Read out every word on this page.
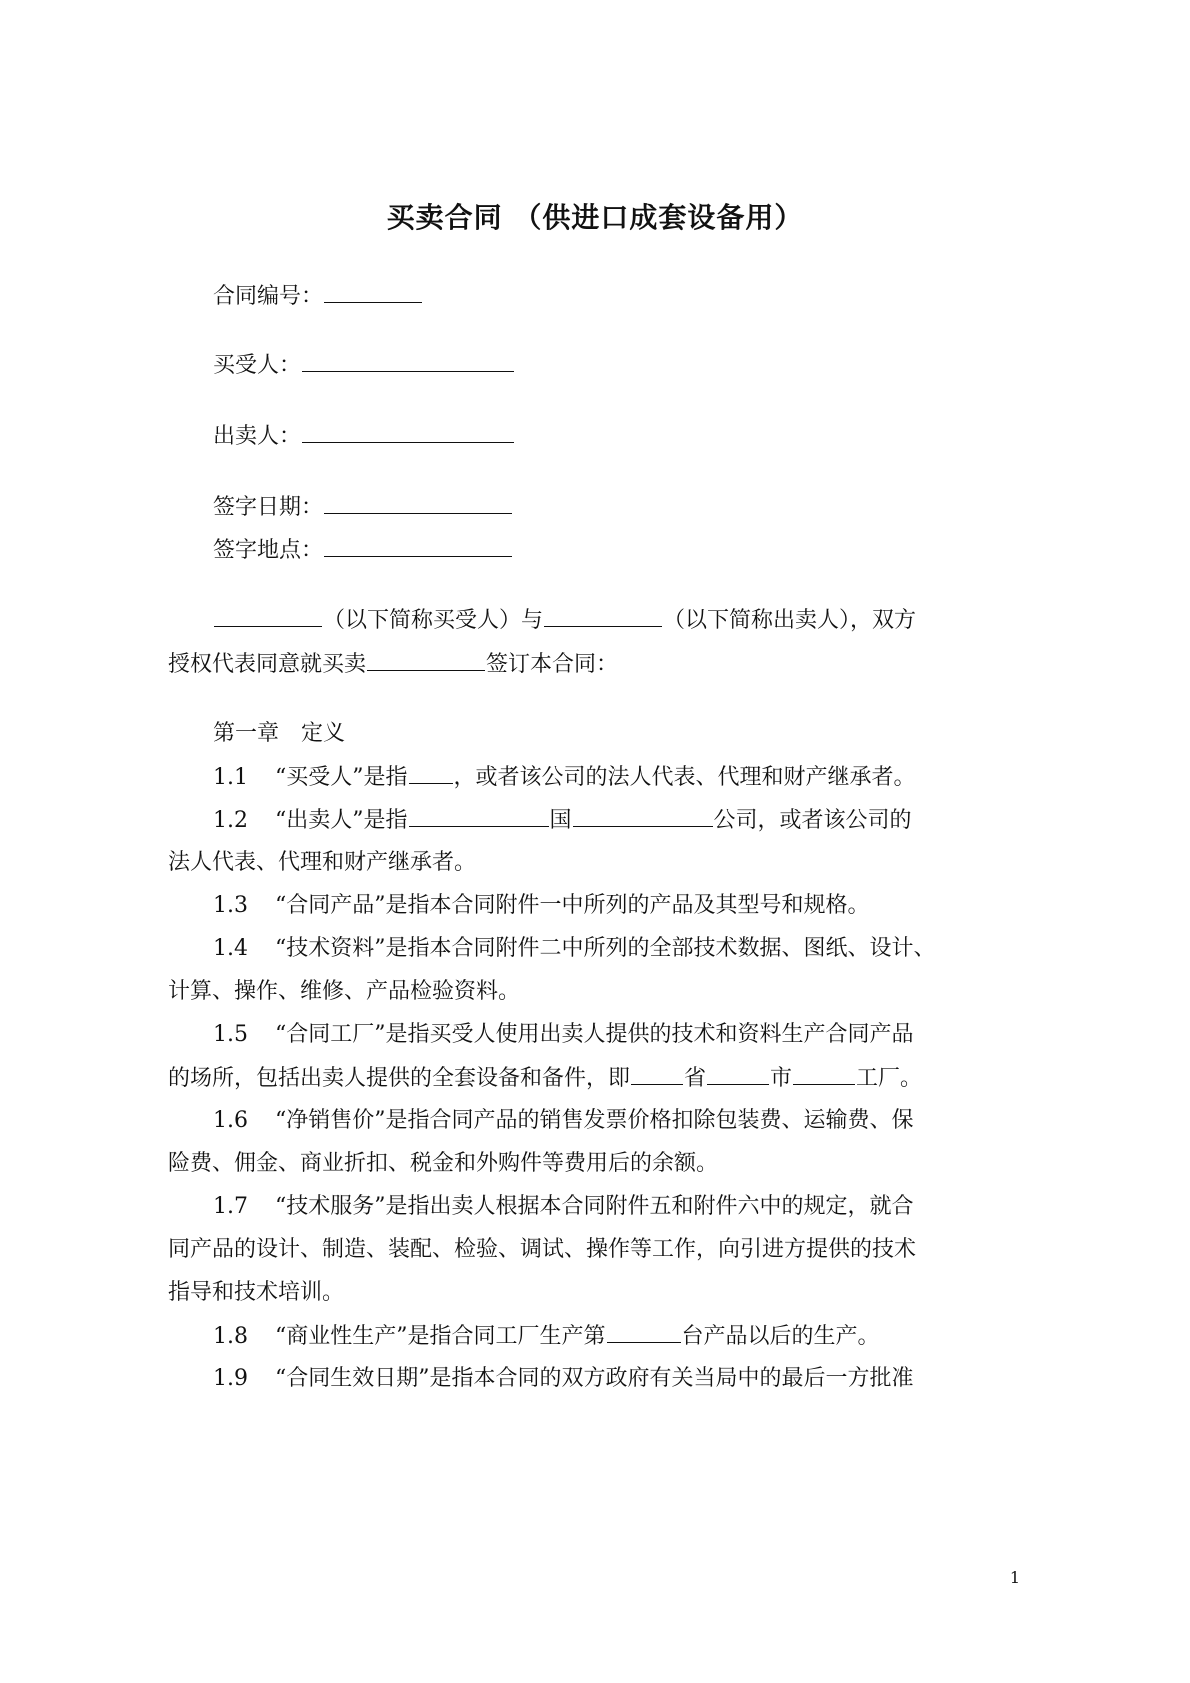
买卖合同 （供进口成套设备用）
合同编号：
买受人：
出卖人：
签字日期：
签字地点：
（以下简称买受人）与	（以下简称出卖人），双方
授权代表同意就买卖	签订本合同：
第一章　定义
1.1 “买受人”是指 ，或者该公司的法人代表、代理和财产继承者。
1.2 “出卖人”是指	国	公司，或者该公司的
法人代表、代理和财产继承者。
1.3 “合同产品”是指本合同附件一中所列的产品及其型号和规格。
1.4 “技术资料”是指本合同附件二中所列的全部技术数据、图纸、设计、
计算、操作、维修、产品检验资料。
1.5 “合同工厂”是指买受人使用出卖人提供的技术和资料生产合同产品
的场所，包括出卖人提供的全套设备和备件，即 省	市	工厂。
1.6 “净销售价”是指合同产品的销售发票价格扣除包装费、运输费、保
险费、佣金、商业折扣、税金和外购件等费用后的余额。
1.7 “技术服务”是指出卖人根据本合同附件五和附件六中的规定，就合
同产品的设计、制造、装配、检验、调试、操作等工作，向引进方提供的技术
指导和技术培训。
1.8 “商业性生产”是指合同工厂生产第	台产品以后的生产。
1.9 “合同生效日期”是指本合同的双方政府有关当局中的最后一方批准
1
